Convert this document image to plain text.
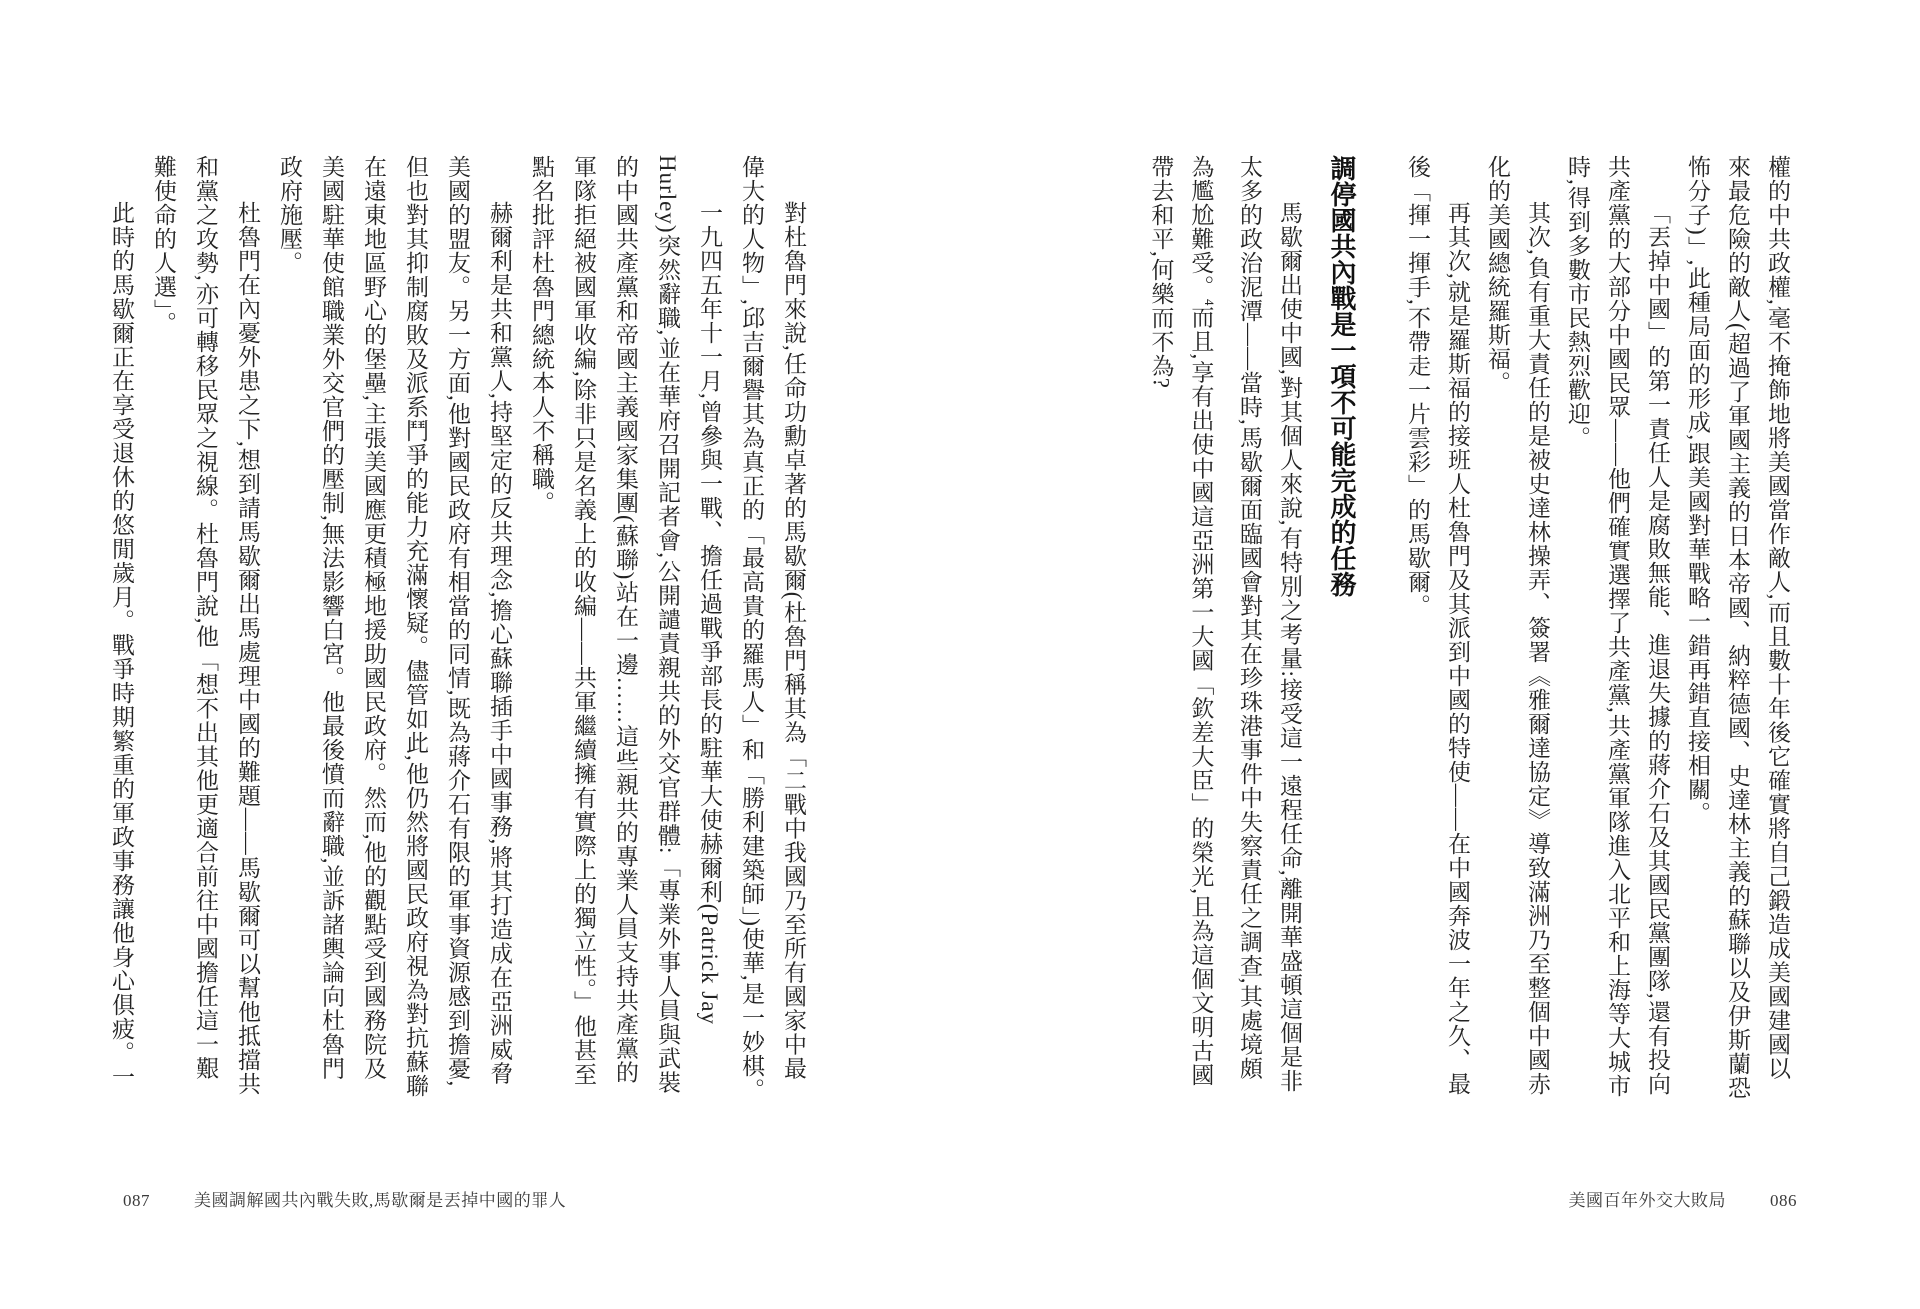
權的中共政權,毫不掩飾地將美國當作敵人,而且數十年後它確實將自己鍛造成美國建國以來最危險的敵人(超過了軍國主義的日本帝國、納粹德國、史達林主義的蘇聯以及伊斯蘭恐怖分子)」,此種局面的形成,跟美國對華戰略一錯再錯直接相關。

「丟掉中國」的第一責任人是腐敗無能、進退失據的蔣介石及其國民黨團隊,還有投向共產黨的大部分中國民眾——他們確實選擇了共產黨,共產黨軍隊進入北平和上海等大城市時,得到多數市民熱烈歡迎。

其次,負有重大責任的是被史達林操弄、簽署《雅爾達協定》導致滿洲乃至整個中國赤化的美國總統羅斯福。

再其次,就是羅斯福的接班人杜魯門及其派到中國的特使——在中國奔波一年之久、最後「揮一揮手,不帶走一片雲彩」的馬歇爾。

調停國共內戰是一項不可能完成的任務

馬歇爾出使中國,對其個人來說,有特別之考量:接受這一遠程任命,離開華盛頓這個是非太多的政治泥潭——當時,馬歇爾面臨國會對其在珍珠港事件中失察責任之調查,其處境頗為尷尬難受。$^4$而且,享有出使中國這亞洲第一大國「欽差大臣」的榮光,且為這個文明古國帶去和平,何樂而不為?

對杜魯門來說,任命功勳卓著的馬歇爾(杜魯門稱其為「二戰中我國乃至所有國家中最偉大的人物」,邱吉爾譽其為真正的「最高貴的羅馬人」和「勝利建築師」)使華,是一妙棋。

一九四五年十一月,曾參與一戰、擔任過戰爭部長的駐華大使赫爾利(Patrick Jay Hurley)突然辭職,並在華府召開記者會,公開譴責親共的外交官群體:「專業外事人員與武裝的中國共產黨和帝國主義國家集團(蘇聯)站在一邊……這些親共的專業人員支持共產黨的軍隊拒絕被國軍收編,除非只是名義上的收編——共軍繼續擁有實際上的獨立性。」他甚至點名批評杜魯門總統本人不稱職。

赫爾利是共和黨人,持堅定的反共理念,擔心蘇聯插手中國事務,將其打造成在亞洲威脅美國的盟友。另一方面,他對國民政府有相當的同情,既為蔣介石有限的軍事資源感到擔憂,但也對其抑制腐敗及派系鬥爭的能力充滿懷疑。儘管如此,他仍然將國民政府視為對抗蘇聯在遠東地區野心的堡壘,主張美國應更積極地援助國民政府。然而,他的觀點受到國務院及美國駐華使館職業外交官們的壓制,無法影響白宮。他最後憤而辭職,並訴諸輿論向杜魯門政府施壓。

杜魯門在內憂外患之下,想到請馬歇爾出馬處理中國的難題——馬歇爾可以幫他抵擋共和黨之攻勢,亦可轉移民眾之視線。杜魯門說,他「想不出其他更適合前往中國擔任這一艱難使命的人選」。

此時的馬歇爾正在享受退休的悠閒歲月。戰爭時期繁重的軍政事務讓他身心俱疲。一

087	美國調解國共內戰失敗,馬歇爾是丟掉中國的罪人	美國百年外交大敗局	086
